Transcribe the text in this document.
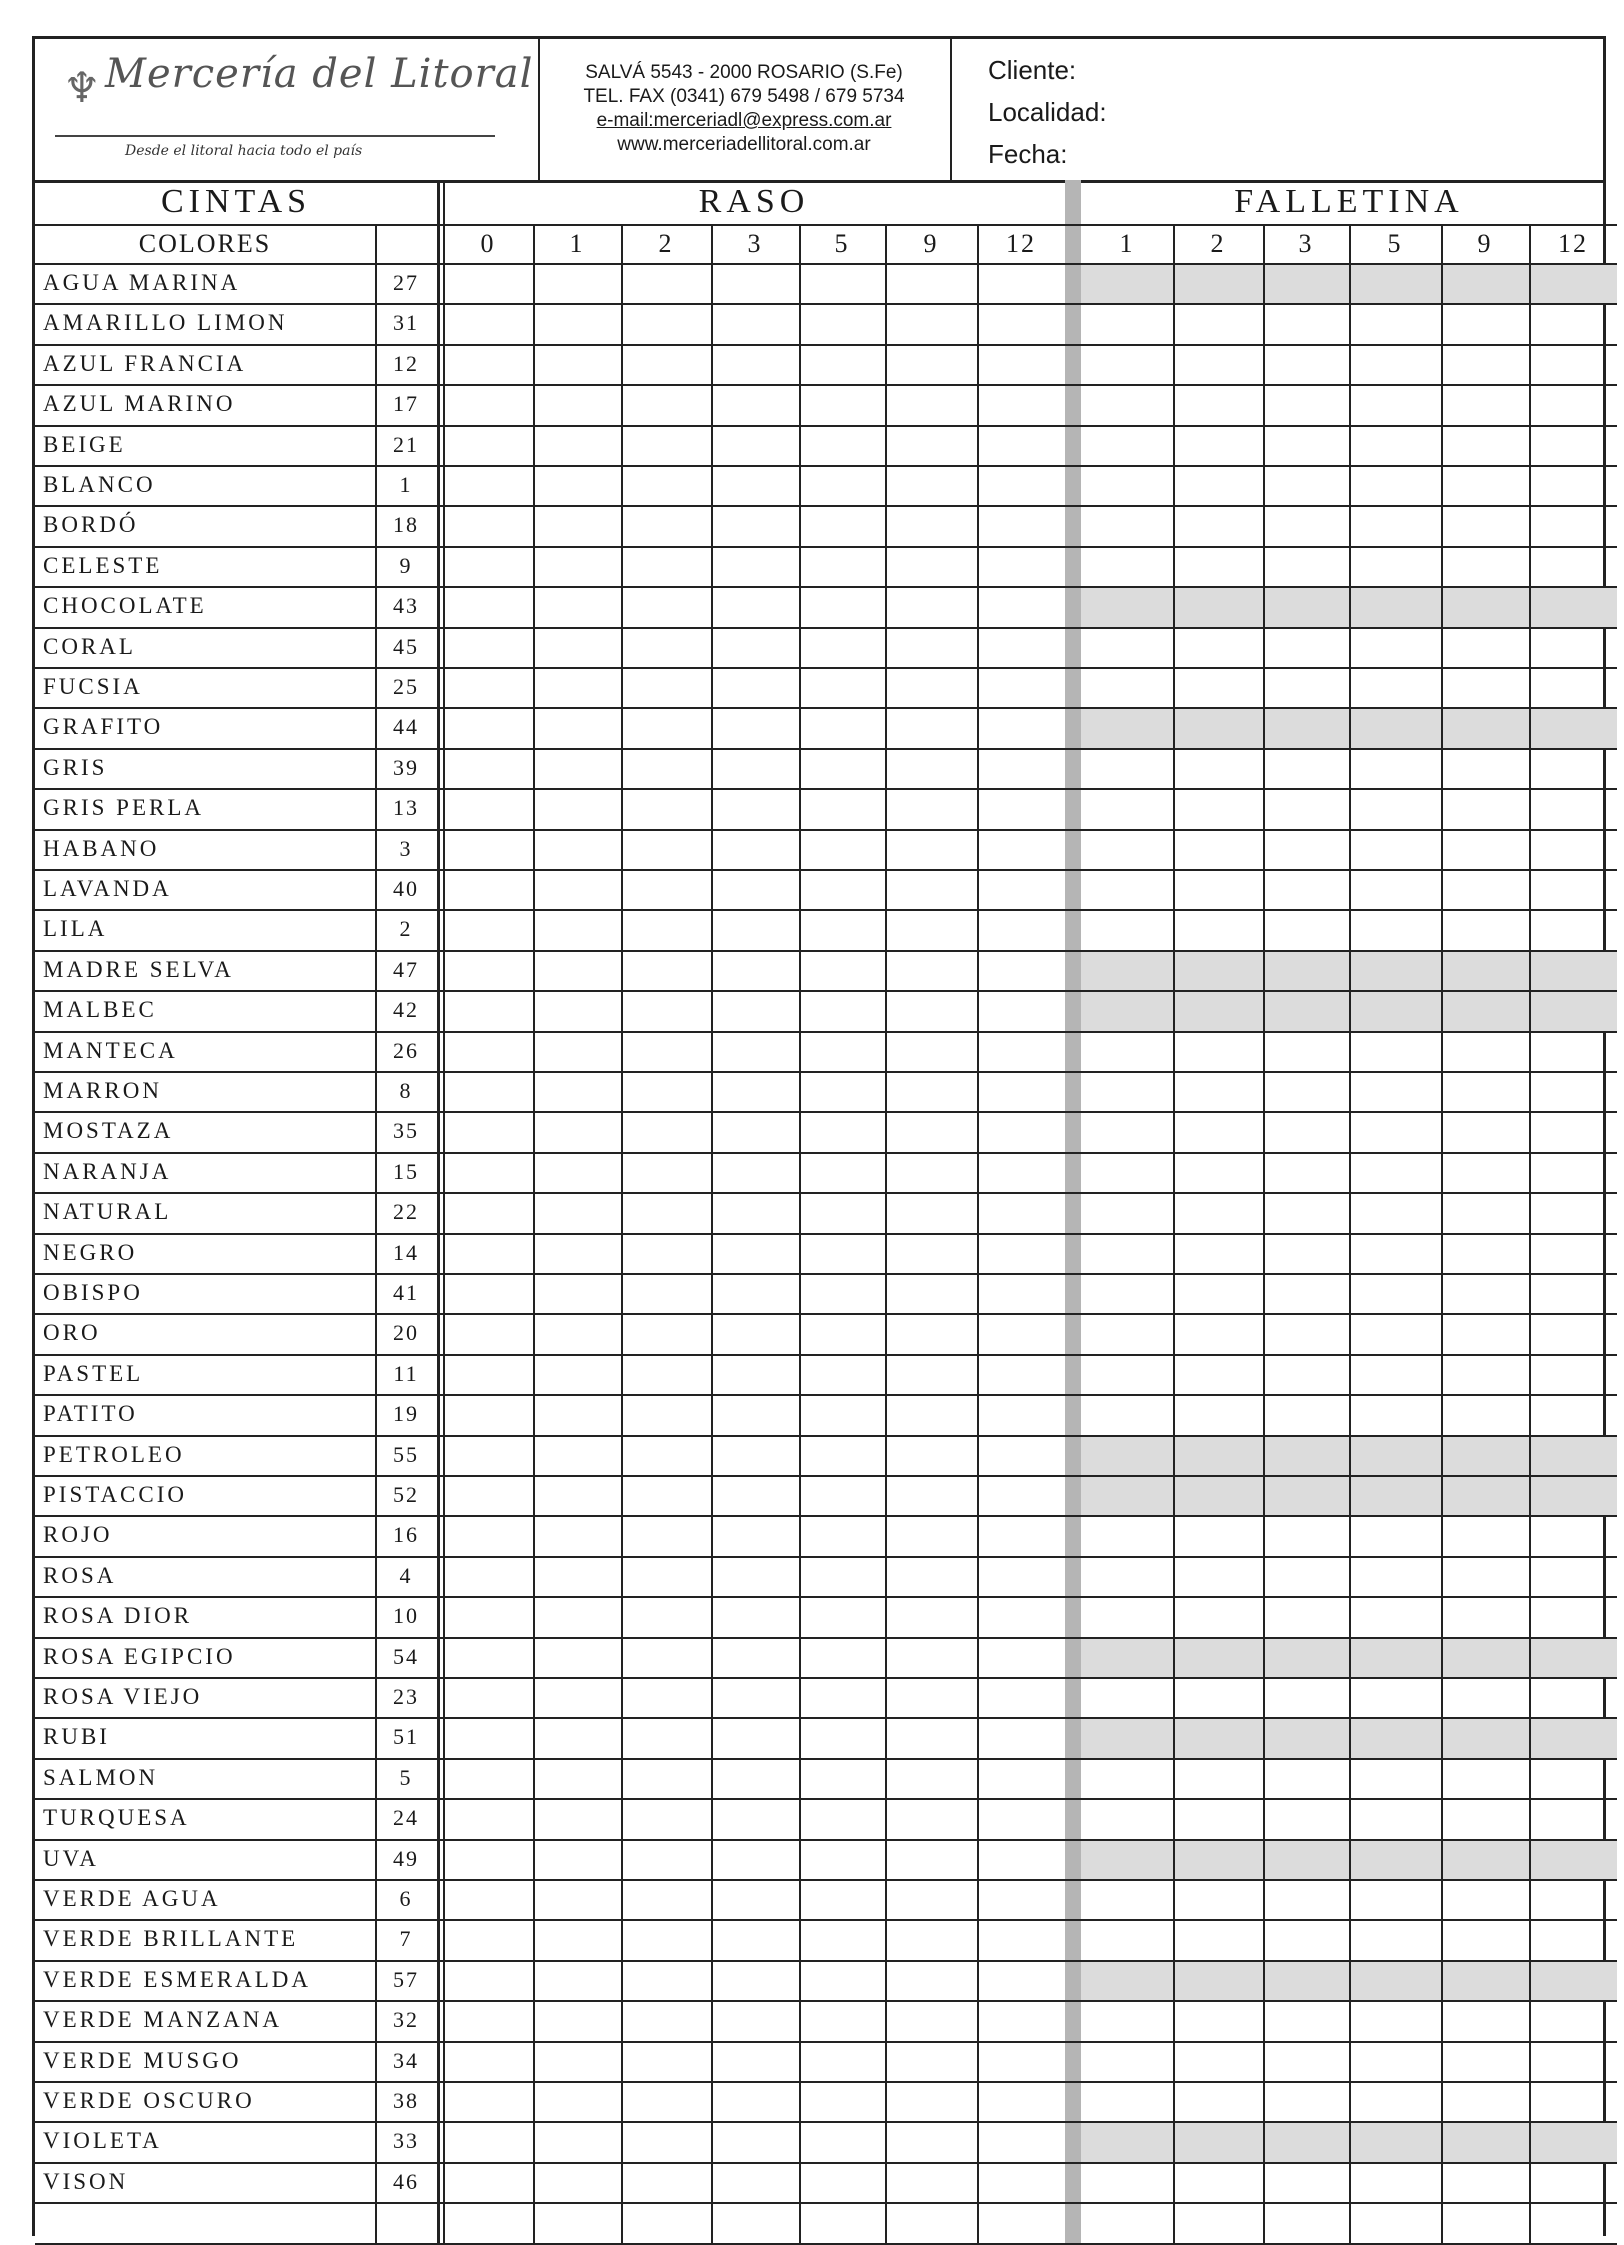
♆ Mercería del Litoral
Desde el litoral hacia todo el país
SALVÁ 5543 - 2000 ROSARIO (S.Fe)
TEL. FAX (0341) 679 5498 / 679 5734
e-mail:merceriadl@express.com.ar
www.merceriadellitoral.com.ar
Cliente:
Localidad:
Fecha:
CINTAS	RASO	FALLETINA
COLORES	0	1	2	3	5	9	12	1	2	3	5	9	12
AGUA MARINA	27
AMARILLO LIMON	31
AZUL FRANCIA	12
AZUL MARINO	17
BEIGE	21
BLANCO	1
BORDÓ	18
CELESTE	9
CHOCOLATE	43
CORAL	45
FUCSIA	25
GRAFITO	44
GRIS	39
GRIS PERLA	13
HABANO	3
LAVANDA	40
LILA	2
MADRE SELVA	47
MALBEC	42
MANTECA	26
MARRON	8
MOSTAZA	35
NARANJA	15
NATURAL	22
NEGRO	14
OBISPO	41
ORO	20
PASTEL	11
PATITO	19
PETROLEO	55
PISTACCIO	52
ROJO	16
ROSA	4
ROSA DIOR	10
ROSA EGIPCIO	54
ROSA VIEJO	23
RUBI	51
SALMON	5
TURQUESA	24
UVA	49
VERDE AGUA	6
VERDE BRILLANTE	7
VERDE ESMERALDA	57
VERDE MANZANA	32
VERDE MUSGO	34
VERDE OSCURO	38
VIOLETA	33
VISON	46
